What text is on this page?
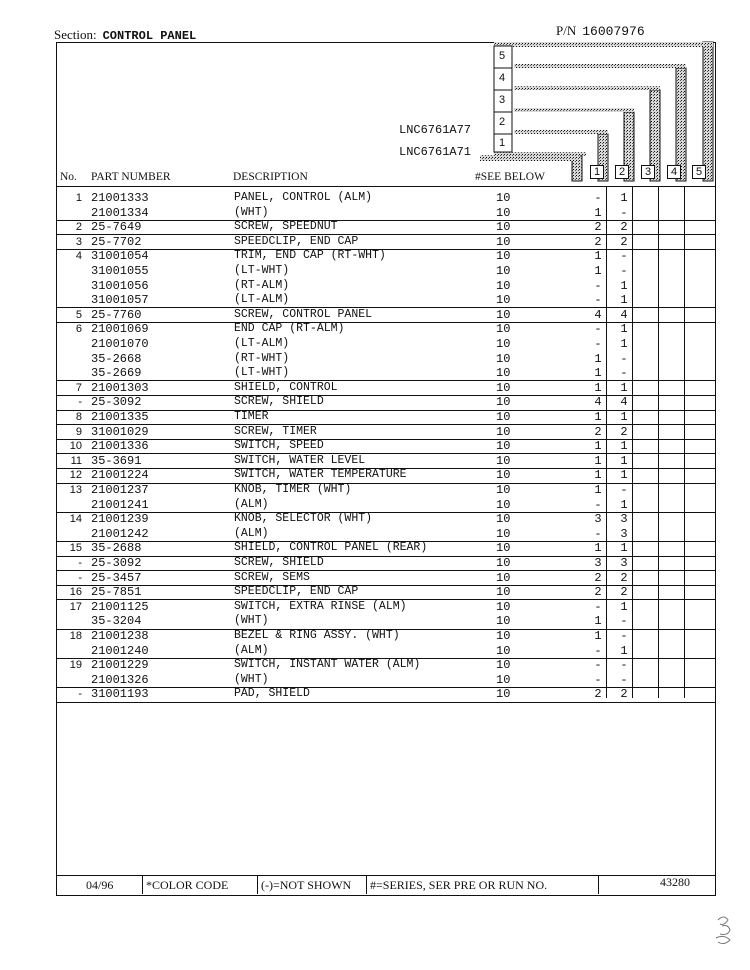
Section: CONTROL PANEL	P/N 16007976
5
4
3
2
1
LNC6761A77
LNC6761A71
No. PART NUMBER	DESCRIPTION	#SEE BELOW	1	2	3	4	5
1 21001333	PANEL, CONTROL (ALM)	10	- 1
21001334	(WHT)	10	1 -
2 25-7649	SCREW, SPEEDNUT	10	2 2
3 25-7702	SPEEDCLIP, END CAP	10	2 2
4 31001054	TRIM, END CAP (RT-WHT)	10	1 -
31001055	(LT-WHT)	10	1 -
31001056	(RT-ALM)	10	- 1
31001057	(LT-ALM)	10	- 1
5 25-7760	SCREW, CONTROL PANEL	10	4 4
6 21001069	END CAP (RT-ALM)	10	- 1
21001070	(LT-ALM)	10	- 1
35-2668	(RT-WHT)	10	1 -
35-2669	(LT-WHT)	10	1 -
7 21001303	SHIELD, CONTROL	10	1 1
- 25-3092	SCREW, SHIELD	10	4 4
8 21001335	TIMER	10	1 1
9 31001029	SCREW, TIMER	10	2 2
10 21001336	SWITCH, SPEED	10	1 1
11 35-3691	SWITCH, WATER LEVEL	10	1 1
12 21001224	SWITCH, WATER TEMPERATURE	10	1 1
13 21001237	KNOB, TIMER (WHT)	10	1 -
21001241	(ALM)	10	- 1
14 21001239	KNOB, SELECTOR (WHT)	10	3 3
21001242	(ALM)	10	- 3
15 35-2688	SHIELD, CONTROL PANEL (REAR)	10	1 1
- 25-3092	SCREW, SHIELD	10	3 3
- 25-3457	SCREW, SEMS	10	2 2
16 25-7851	SPEEDCLIP, END CAP	10	2 2
17 21001125	SWITCH, EXTRA RINSE (ALM)	10	- 1
35-3204	(WHT)	10	1 -
18 21001238	BEZEL & RING ASSY. (WHT)	10	1 -
21001240	(ALM)	10	- 1
19 21001229	SWITCH, INSTANT WATER (ALM)	10	- -
21001326	(WHT)	10	- -
- 31001193	PAD, SHIELD	10	2 2
04/96	*COLOR CODE	(-)=NOT SHOWN #=SERIES, SER PRE OR RUN NO.	43280
